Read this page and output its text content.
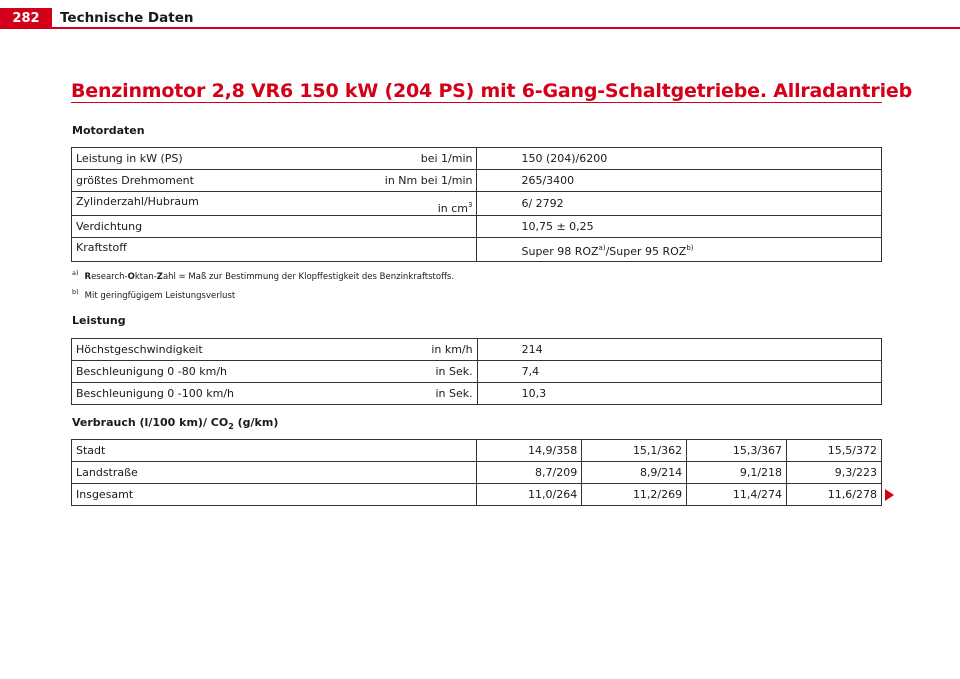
282	Technische Daten
Benzinmotor 2,8 VR6 150 kW (204 PS) mit 6-Gang-Schaltgetriebe. Allradantrieb
Motordaten
Leistung in kW (PS) bei 1/min	150 (204)/6200

größtes Drehmoment in Nm bei 1/min	265/3400

Zylinderzahl/Hubraum
in $cm^3$	6/ 2792

Verdichtung	10,75 ± 0,25
Kraftstoff	Super 98 ROZ$^{a)}$/Super 95 ROZ$^{b)}$
$^{a)}$ Research-Oktan-Zahl = Maß zur Bestimmung der Klopffestigkeit des Benzinkraftstoffs.
$^{b)}$ Mit geringfügigem Leistungsverlust
Leistung
Höchstgeschwindigkeit in km/h	214

Beschleunigung 0 -80 km/h in Sek.	7,4

Beschleunigung 0 -100 km/h in Sek.	10,3
Verbrauch (l/100 km)/ $CO_2$ (g/km)
Stadt	14,9/358	15,1/362	15,3/367	15,5/372
Landstraße	8,7/209	8,9/214	9,1/218	9,3/223
Insgesamt	11,0/264	11,2/269	11,4/274	11,6/278
